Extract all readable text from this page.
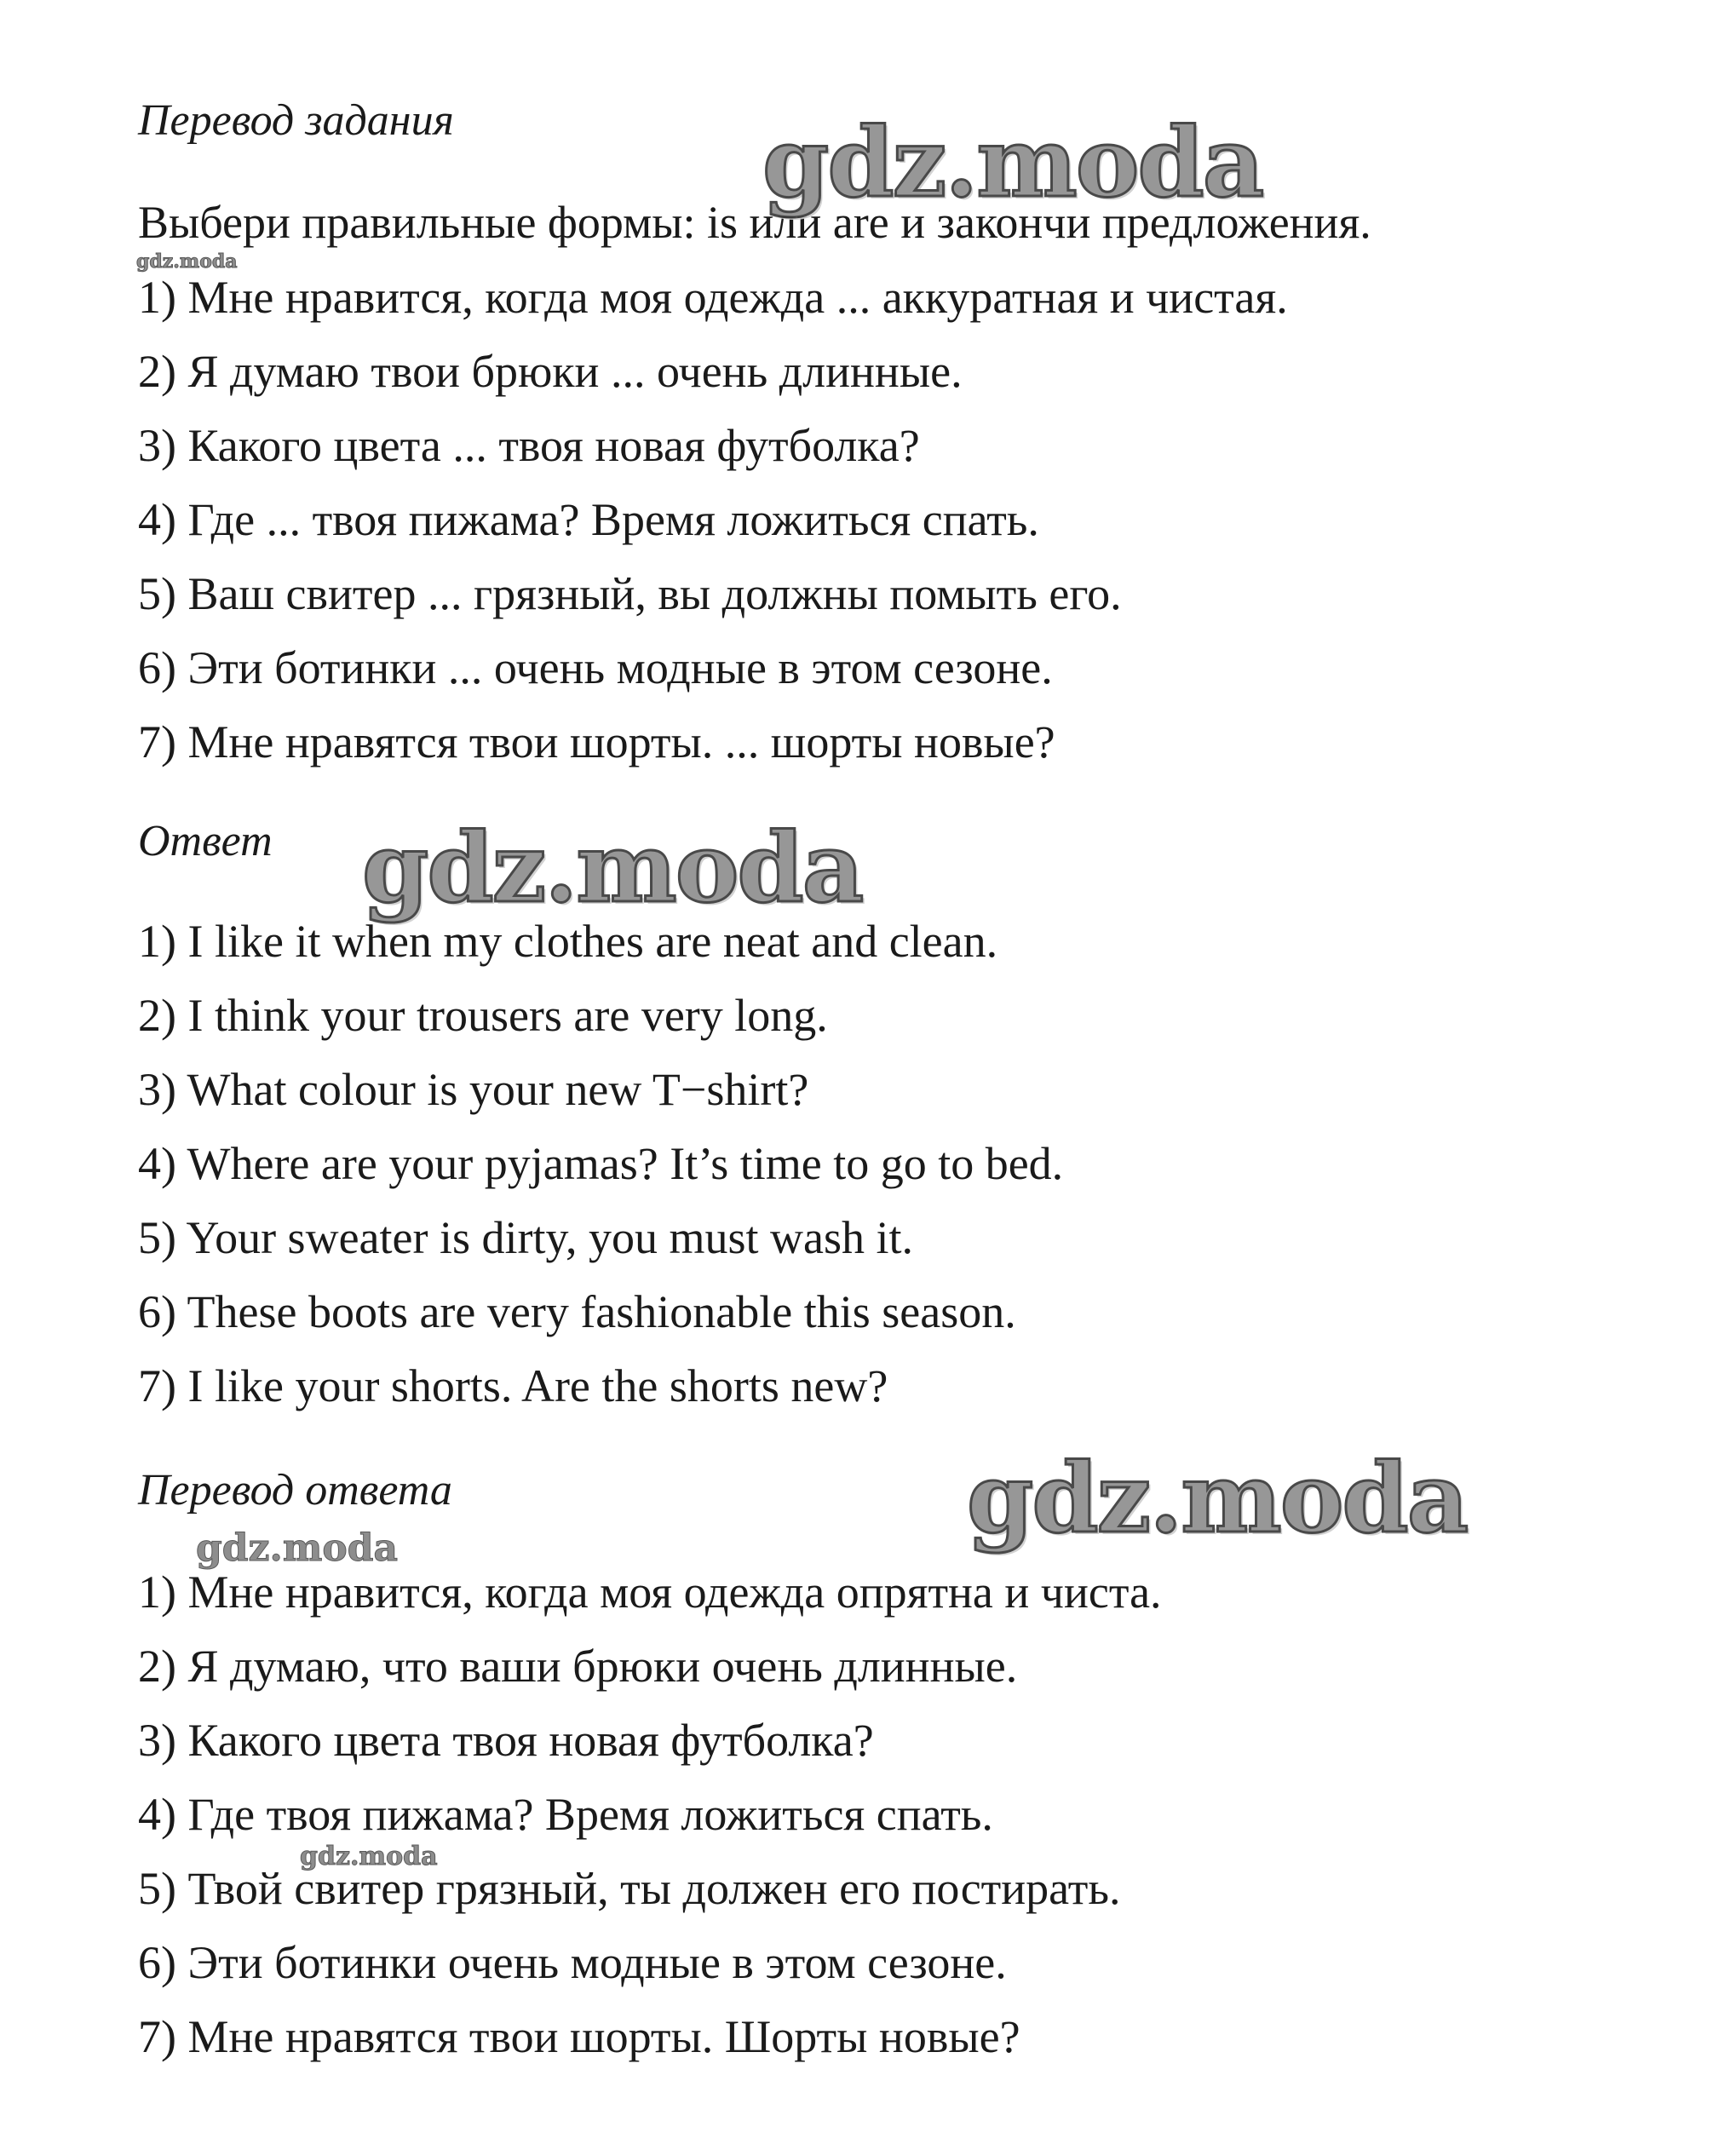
Перевод задания
Выбери правильные формы: is или are и закончи предложения.
1) Мне нравится, когда моя одежда ... аккуратная и чистая.
2) Я думаю твои брюки ... очень длинные.
3) Какого цвета ... твоя новая футболка?
4) Где ... твоя пижама? Время ложиться спать.
5) Ваш свитер ... грязный, вы должны помыть его.
6) Эти ботинки ... очень модные в этом сезоне.
7) Мне нравятся твои шорты. ... шорты новые?
Ответ
1) I like it when my clothes are neat and clean.
2) I think your trousers are very long.
3) What colour is your new T−shirt?
4) Where are your pyjamas? It’s time to go to bed.
5) Your sweater is dirty, you must wash it.
6) These boots are very fashionable this season.
7) I like your shorts. Are the shorts new?
Перевод ответа
1) Мне нравится, когда моя одежда опрятна и чиста.
2) Я думаю, что ваши брюки очень длинные.
3) Какого цвета твоя новая футболка?
4) Где твоя пижама? Время ложиться спать.
5) Твой свитер грязный, ты должен его постирать.
6) Эти ботинки очень модные в этом сезоне.
7) Мне нравятся твои шорты. Шорты новые?
gdz.moda
gdz.moda
gdz.moda
gdz.moda
gdz.moda
gdz.moda
